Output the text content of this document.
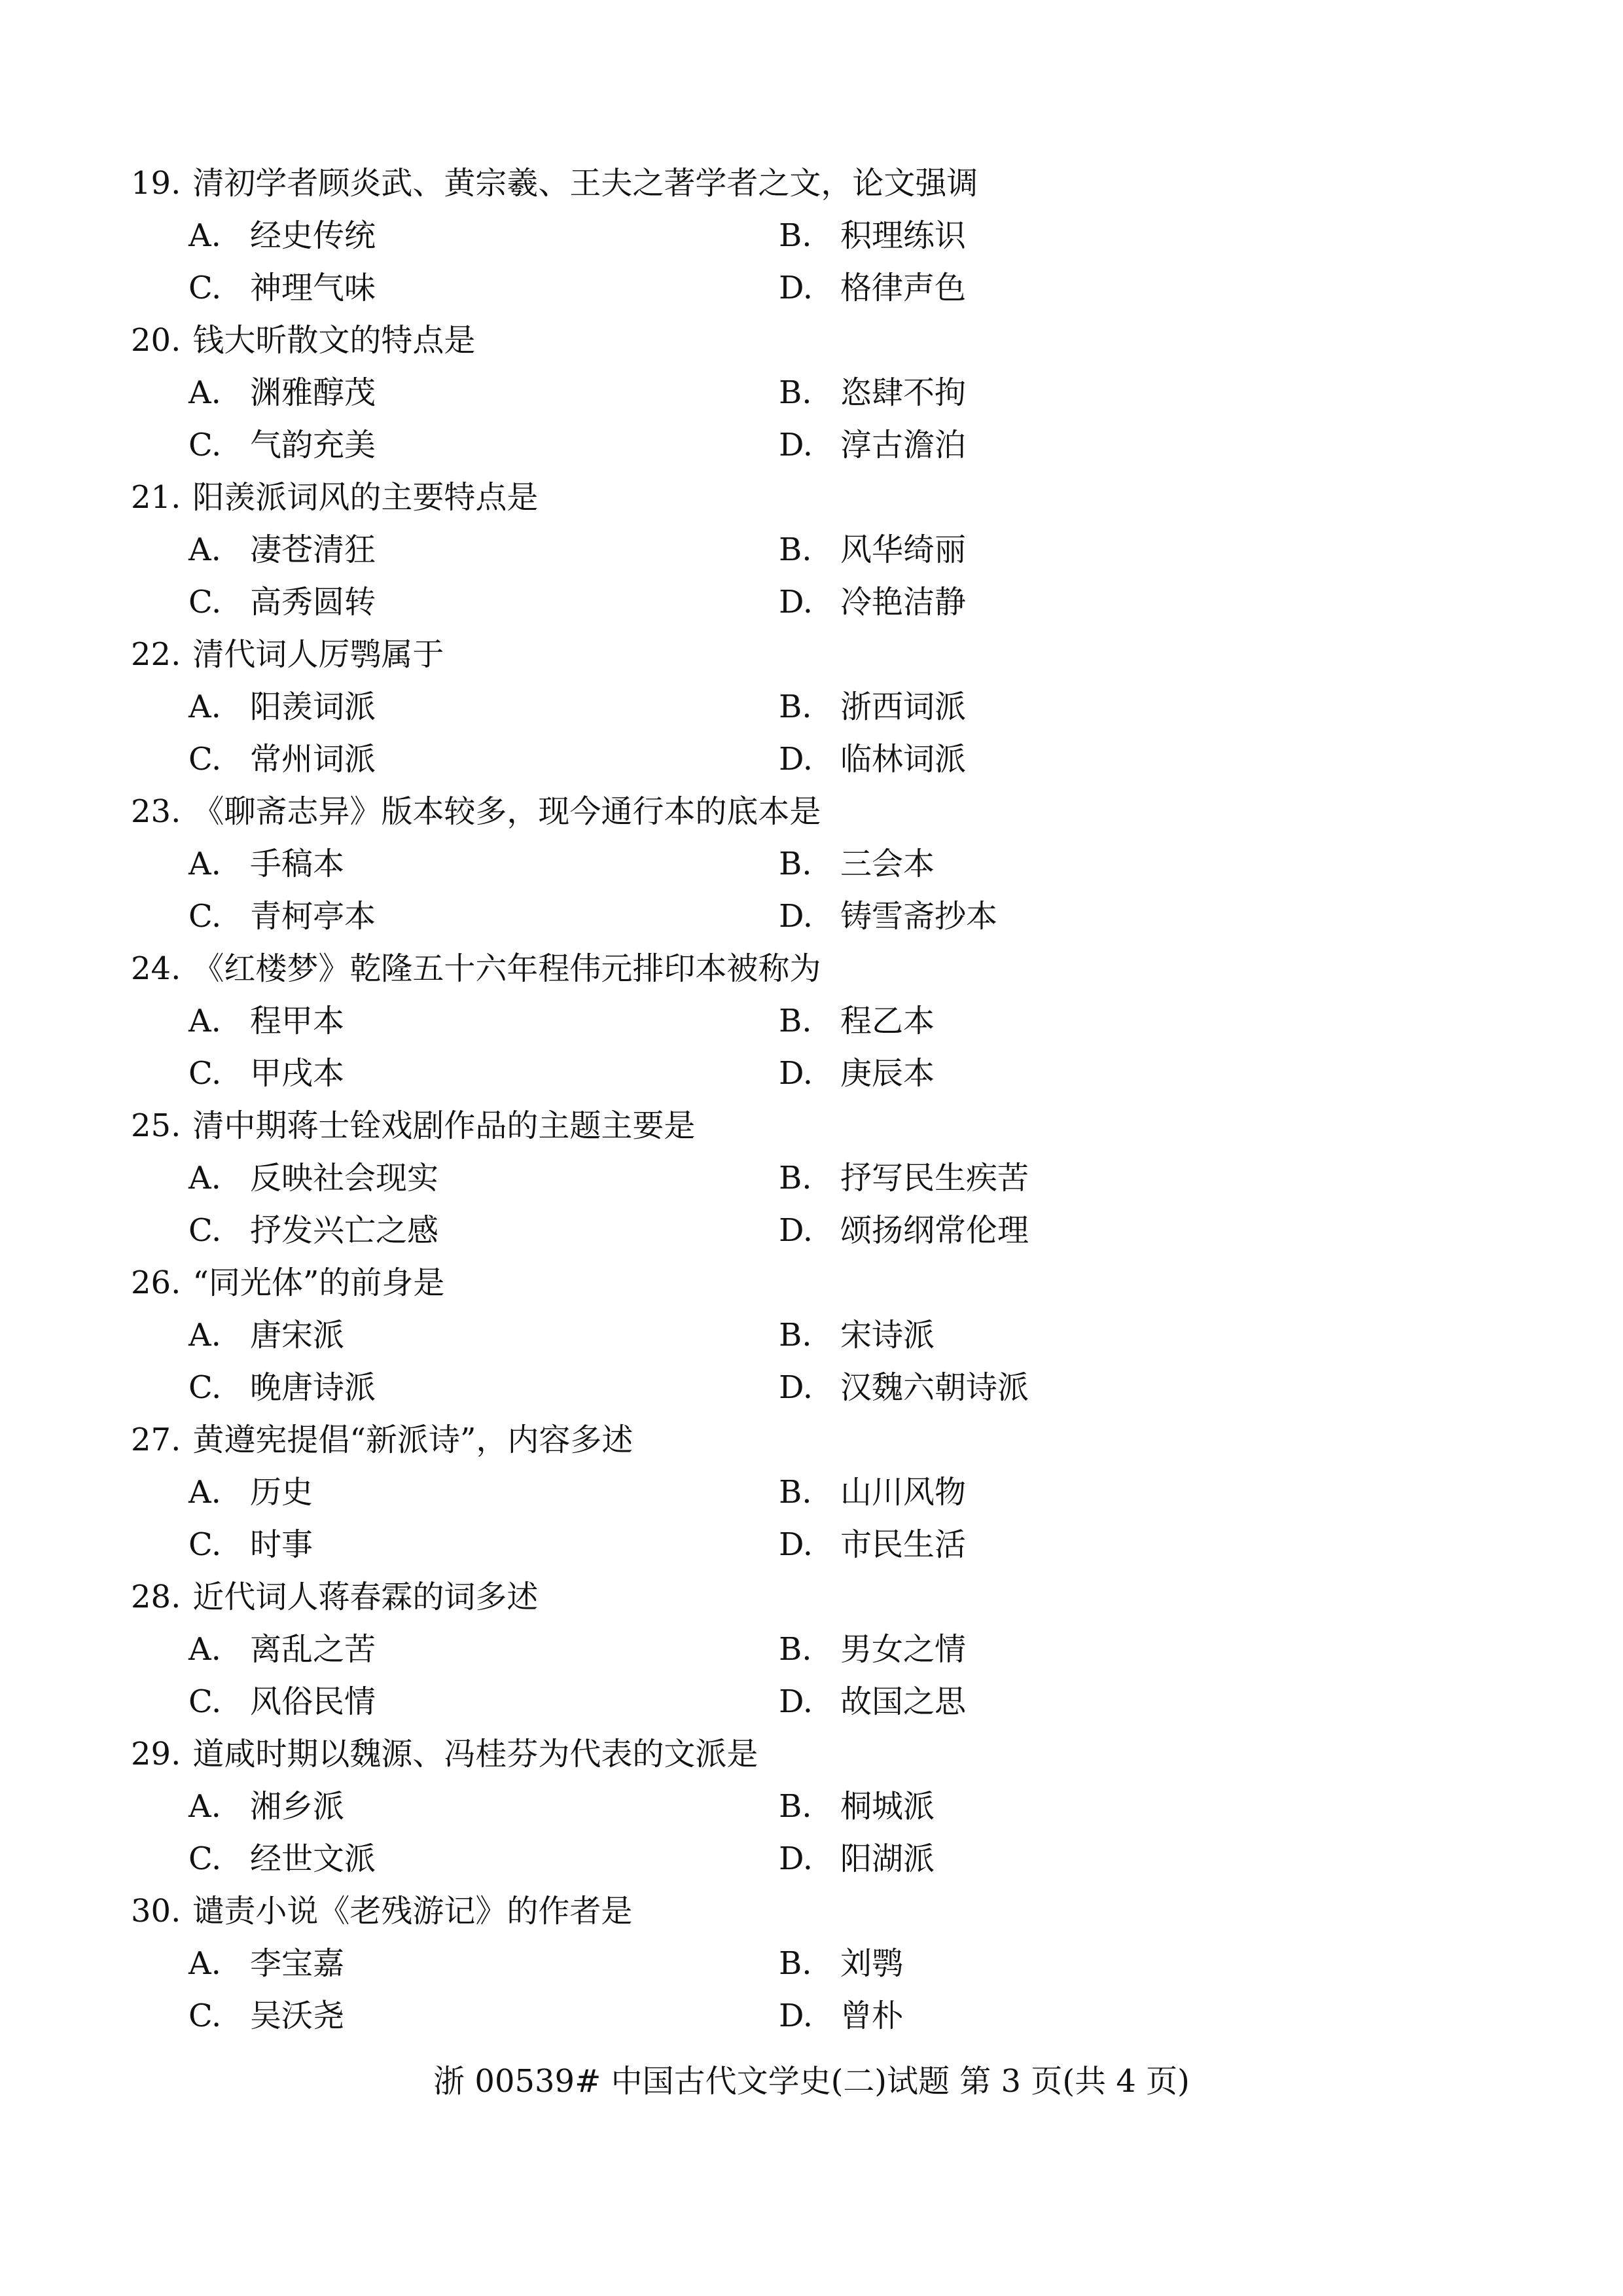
19. 清初学者顾炎武、黄宗羲、王夫之著学者之文，论文强调
A. 经史传统	B. 积理练识
C. 神理气味	D. 格律声色
20. 钱大昕散文的特点是
A. 渊雅醇茂	B. 恣肆不拘
C. 气韵充美	D. 淳古澹泊
21. 阳羡派词风的主要特点是
A. 凄苍清狂	B. 风华绮丽
C. 高秀圆转	D. 冷艳洁静
22. 清代词人厉鹗属于
A. 阳羡词派	B. 浙西词派
C. 常州词派	D. 临林词派
23. 《聊斋志异》版本较多，现今通行本的底本是
A. 手稿本	B. 三会本
C. 青柯亭本	D. 铸雪斋抄本
24. 《红楼梦》乾隆五十六年程伟元排印本被称为
A. 程甲本	B. 程乙本
C. 甲戌本	D. 庚辰本
25. 清中期蒋士铨戏剧作品的主题主要是
A. 反映社会现实	B. 抒写民生疾苦
C. 抒发兴亡之感	D. 颂扬纲常伦理
26. “同光体”的前身是
A. 唐宋派	B. 宋诗派
C. 晚唐诗派	D. 汉魏六朝诗派
27. 黄遵宪提倡“新派诗”，内容多述
A. 历史	B. 山川风物
C. 时事	D. 市民生活
28. 近代词人蒋春霖的词多述
A. 离乱之苦	B. 男女之情
C. 风俗民情	D. 故国之思
29. 道咸时期以魏源、冯桂芬为代表的文派是
A. 湘乡派	B. 桐城派
C. 经世文派	D. 阳湖派
30. 谴责小说《老残游记》的作者是
A. 李宝嘉	B. 刘鹗
C. 吴沃尧	D. 曾朴
浙 00539# 中国古代文学史(二)试题 第 3 页(共 4 页)
